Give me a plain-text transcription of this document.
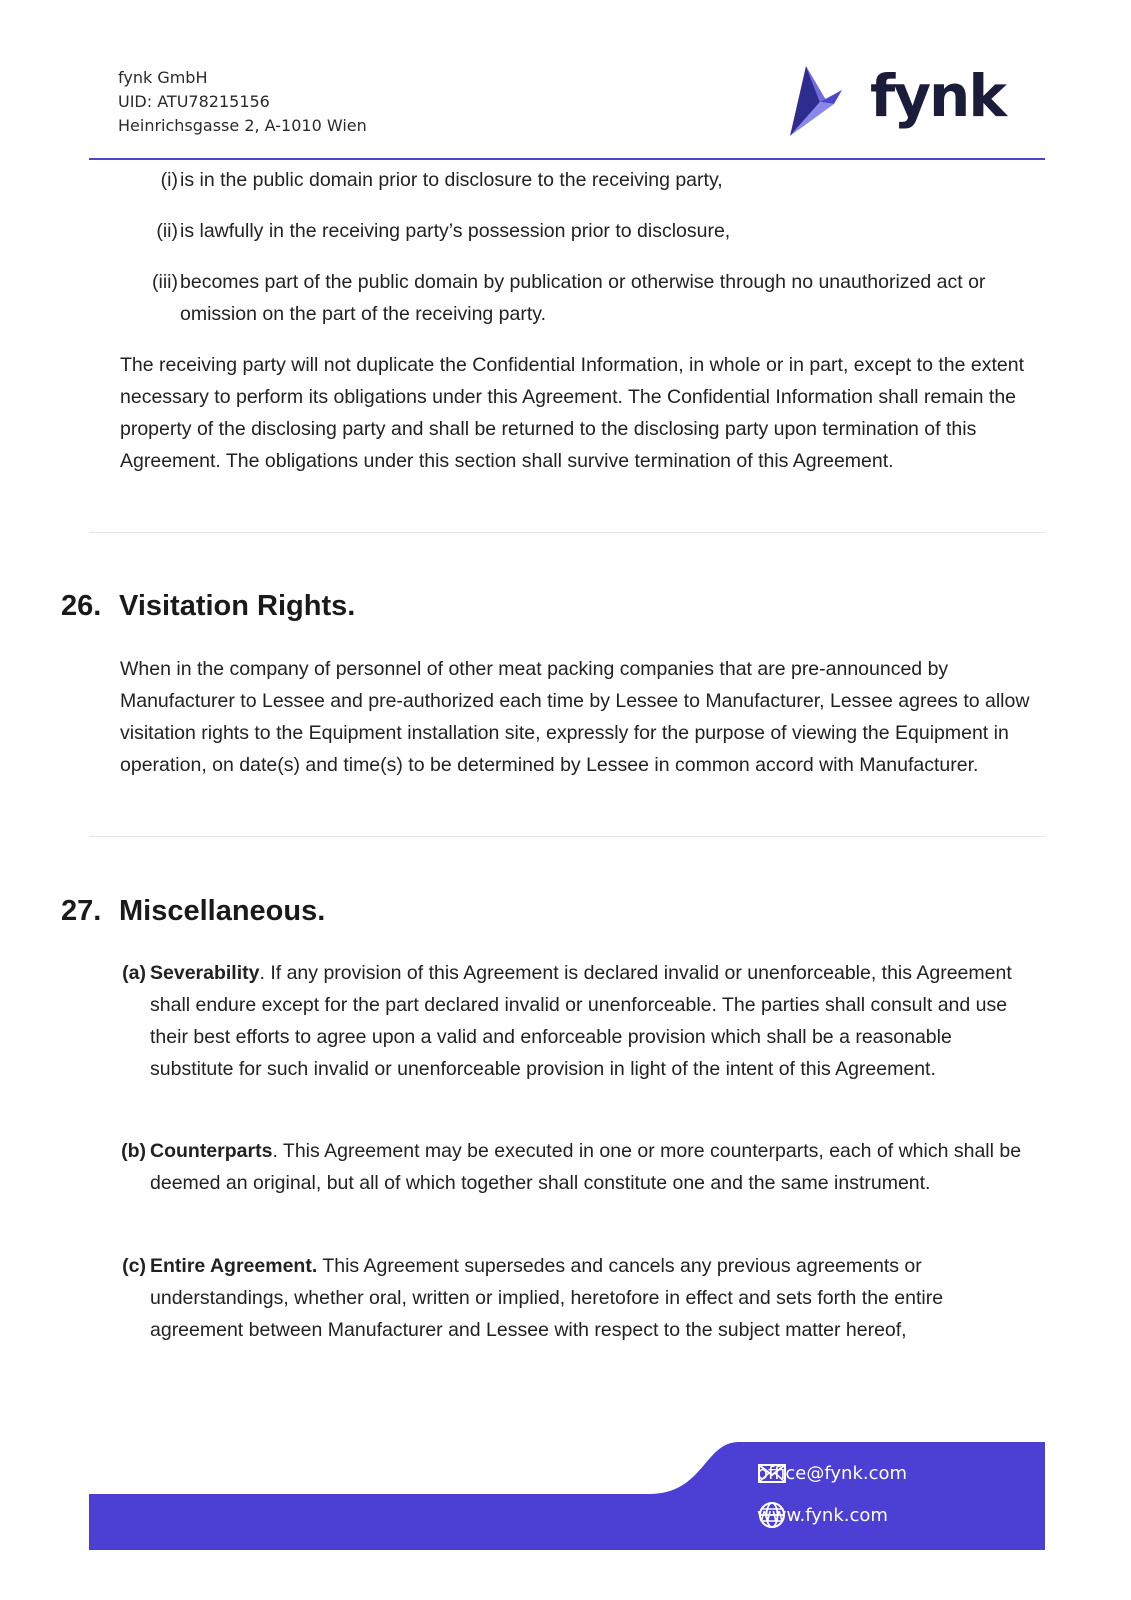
fynk GmbH
UID: ATU78215156
Heinrichsgasse 2, A-1010 Wien	fynk
(i) is in the public domain prior to disclosure to the receiving party,
(ii) is lawfully in the receiving party’s possession prior to disclosure,
(iii) becomes part of the public domain by publication or otherwise through no unauthorized act or omission on the part of the receiving party.
The receiving party will not duplicate the Confidential Information, in whole or in part, except to the extent necessary to perform its obligations under this Agreement. The Confidential Information shall remain the property of the disclosing party and shall be returned to the disclosing party upon termination of this Agreement. The obligations under this section shall survive termination of this Agreement.
26. Visitation Rights.
When in the company of personnel of other meat packing companies that are pre-announced by Manufacturer to Lessee and pre-authorized each time by Lessee to Manufacturer, Lessee agrees to allow visitation rights to the Equipment installation site, expressly for the purpose of viewing the Equipment in operation, on date(s) and time(s) to be determined by Lessee in common accord with Manufacturer.
27. Miscellaneous.
(a) Severability. If any provision of this Agreement is declared invalid or unenforceable, this Agreement shall endure except for the part declared invalid or unenforceable. The parties shall consult and use their best efforts to agree upon a valid and enforceable provision which shall be a reasonable substitute for such invalid or unenforceable provision in light of the intent of this Agreement.
(b) Counterparts. This Agreement may be executed in one or more counterparts, each of which shall be deemed an original, but all of which together shall constitute one and the same instrument.
(c) Entire Agreement. This Agreement supersedes and cancels any previous agreements or understandings, whether oral, written or implied, heretofore in effect and sets forth the entire agreement between Manufacturer and Lessee with respect to the subject matter hereof,
office@fynk.com
www.fynk.com
